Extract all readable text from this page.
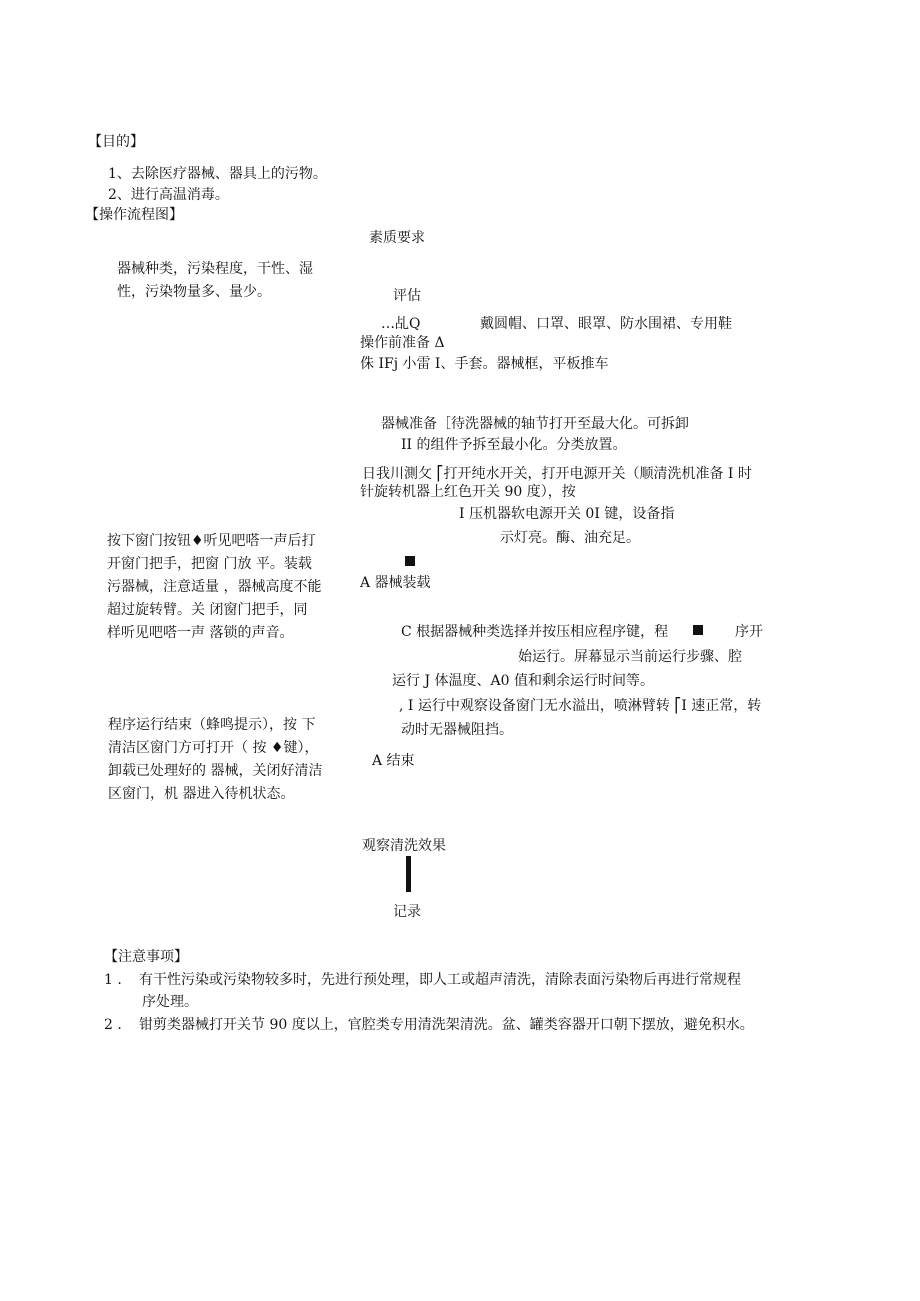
【目的】
1、去除医疗器械、器具上的污物。
2、进行高温消毒。
【操作流程图】
素质要求
器械种类，污染程度，干性、湿
性，污染物量多、量少。	评估
…乩Q	戴圆帽、口罩、眼罩、防水围裙、专用鞋
操作前准备 Δ
侏 IFj 小雷 I、手套。器械框，平板推车
器械准备［待洗器械的轴节打开至最大化。可拆卸
II 的组件予拆至最小化。分类放置。
日我川測攵 ⎡打开纯水开关，打开电源开关（顺清洗机准备 I 时
针旋转机器上红色开关 90 度），按
I 压机器软电源开关 0I 键，设备指
示灯亮。酶、油充足。
按下窗门按钮♦听见吧嗒一声后打
开窗门把手，把窗 门放 平。装载
污器械，注意适量 ，器械高度不能
超过旋转臂。关 闭窗门把手，同
样听见吧嗒一声 落锁的声音。
A 器械装载
C 根据器械种类选择并按压相应程序键，程	序开
始运行。屏幕显示当前运行步骤、腔
运行 J 体温度、A0 值和剩余运行时间等。
, I 运行中观察设备窗门无水溢出，喷淋臂转 ⎡I 速正常，转
动时无器械阻挡。
程序运行结束（蜂鸣提示），按 下
清洁区窗门方可打开（ 按 ♦键），
卸载已处理好的 器械，关闭好清洁
区窗门，机 器进入待机状态。
A 结束
观察清洗效果
记录
【注意事项】
1 . 有干性污染或污染物较多时，先进行预处理，即人工或超声清洗，清除表面污染物后再进行常规程
序处理。
2 . 钳剪类器械打开关节 90 度以上，官腔类专用清洗架清洗。盆、罐类容器开口朝下摆放，避免积水。
